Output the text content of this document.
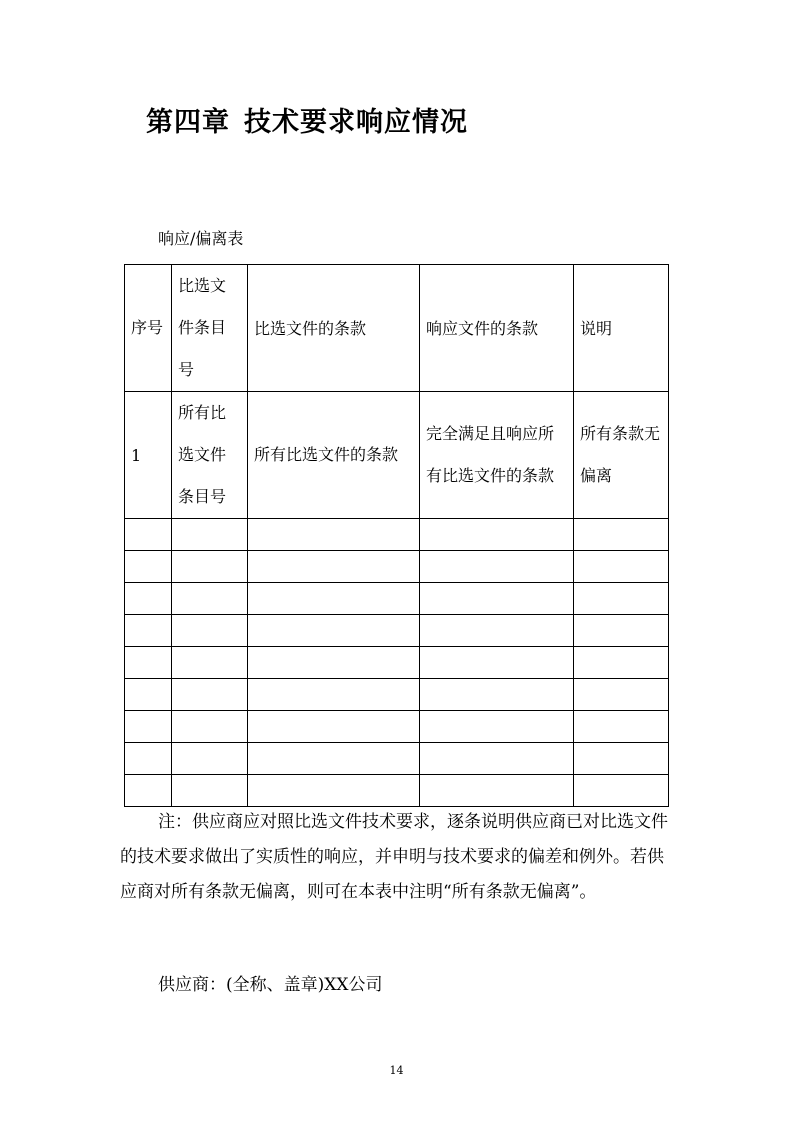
第四章 技术要求响应情况
响应/偏离表
序号	比选文件条目号	比选文件的条款	响应文件的条款	说明
1	所有比选文件条目号	所有比选文件的条款	完全满足且响应所有比选文件的条款	所有条款无偏离

注：供应商应对照比选文件技术要求，逐条说明供应商已对比选文件的技术要求做出了实质性的响应，并申明与技术要求的偏差和例外。若供应商对所有条款无偏离，则可在本表中注明“所有条款无偏离”。
供应商：(全称、盖章)XX公司
14
